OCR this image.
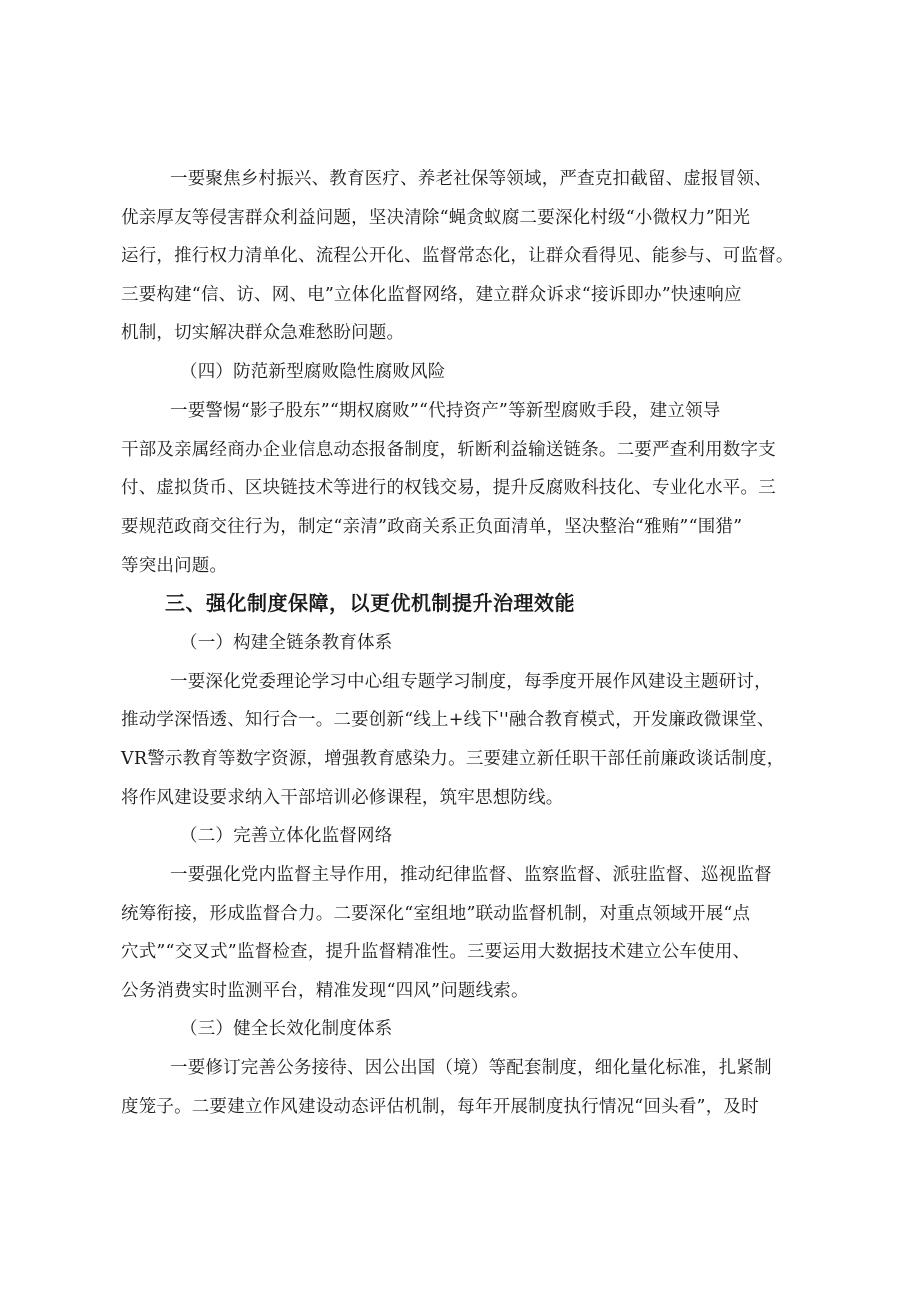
一要聚焦乡村振兴、教育医疗、养老社保等领域，严查克扣截留、虚报冒领、
优亲厚友等侵害群众利益问题，坚决清除“蝇贪蚁腐二要深化村级“小微权力”阳光
运行，推行权力清单化、流程公开化、监督常态化，让群众看得见、能参与、可监督。
三要构建“信、访、网、电”立体化监督网络，建立群众诉求“接诉即办”快速响应
机制，切实解决群众急难愁盼问题。
（四）防范新型腐败隐性腐败风险
一要警惕“影子股东”“期权腐败”“代持资产”等新型腐败手段，建立领导
干部及亲属经商办企业信息动态报备制度，斩断利益输送链条。二要严查利用数字支
付、虚拟货币、区块链技术等进行的权钱交易，提升反腐败科技化、专业化水平。三
要规范政商交往行为，制定“亲清”政商关系正负面清单，坚决整治“雅贿”“围猎”
等突出问题。
三、强化制度保障，以更优机制提升治理效能
（一）构建全链条教育体系
一要深化党委理论学习中心组专题学习制度，每季度开展作风建设主题研讨，
推动学深悟透、知行合一。二要创新“线上+线下''融合教育模式，开发廉政微课堂、
VR警示教育等数字资源，增强教育感染力。三要建立新任职干部任前廉政谈话制度，
将作风建设要求纳入干部培训必修课程，筑牢思想防线。
（二）完善立体化监督网络
一要强化党内监督主导作用，推动纪律监督、监察监督、派驻监督、巡视监督
统筹衔接，形成监督合力。二要深化“室组地”联动监督机制，对重点领域开展“点
穴式”“交叉式”监督检查，提升监督精准性。三要运用大数据技术建立公车使用、
公务消费实时监测平台，精准发现“四风”问题线索。
（三）健全长效化制度体系
一要修订完善公务接待、因公出国（境）等配套制度，细化量化标准，扎紧制
度笼子。二要建立作风建设动态评估机制，每年开展制度执行情况“回头看”，及时
